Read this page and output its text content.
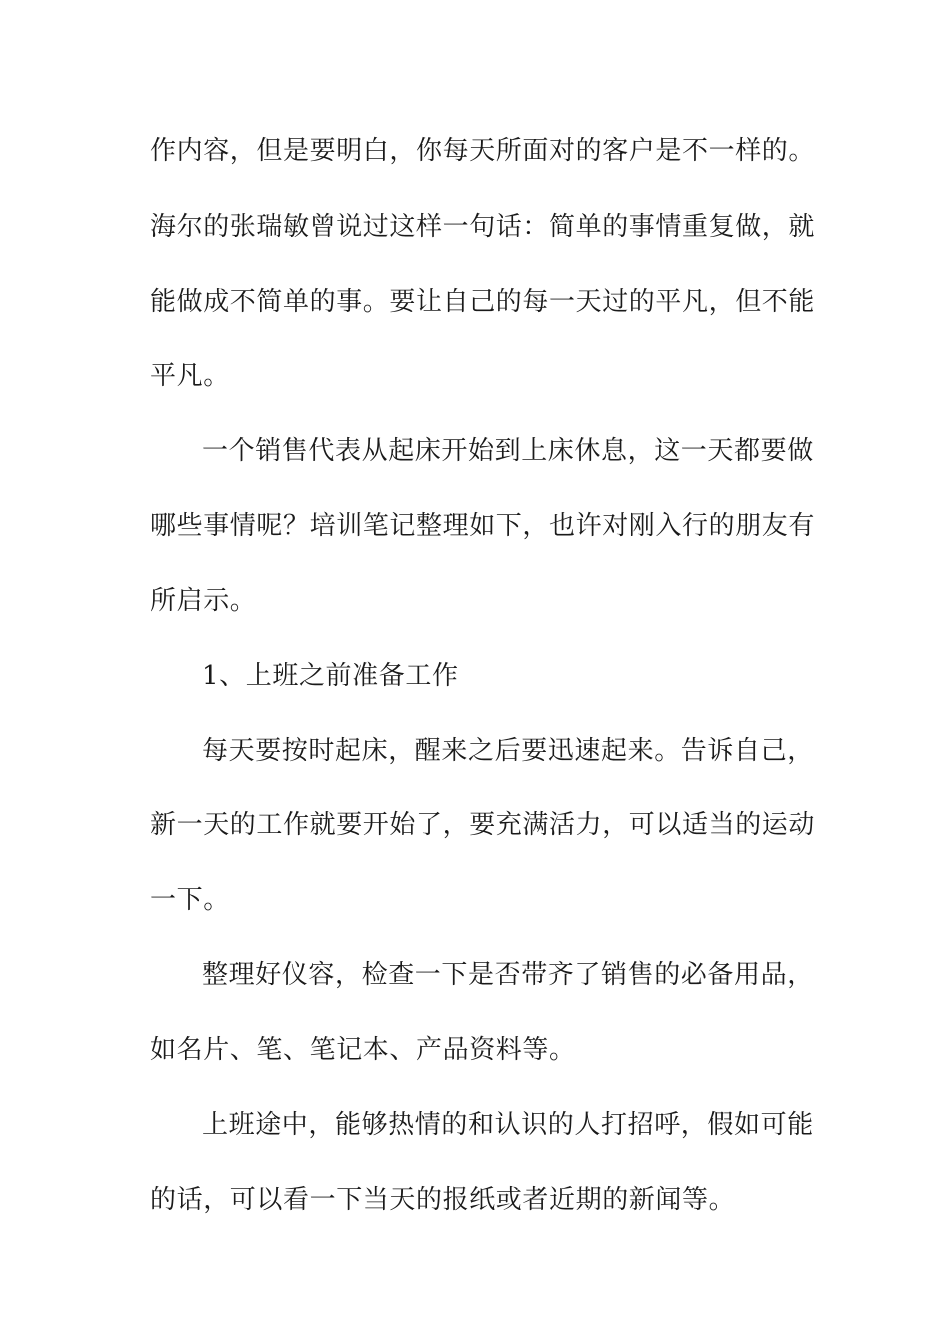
作内容，但是要明白，你每天所面对的客户是不一样的。
海尔的张瑞敏曾说过这样一句话：简单的事情重复做，就
能做成不简单的事。要让自己的每一天过的平凡，但不能
平凡。
一个销售代表从起床开始到上床休息，这一天都要做
哪些事情呢？培训笔记整理如下，也许对刚入行的朋友有
所启示。
1、上班之前准备工作
每天要按时起床，醒来之后要迅速起来。告诉自己，
新一天的工作就要开始了，要充满活力，可以适当的运动
一下。
整理好仪容，检查一下是否带齐了销售的必备用品，
如名片、笔、笔记本、产品资料等。
上班途中，能够热情的和认识的人打招呼，假如可能
的话，可以看一下当天的报纸或者近期的新闻等。
